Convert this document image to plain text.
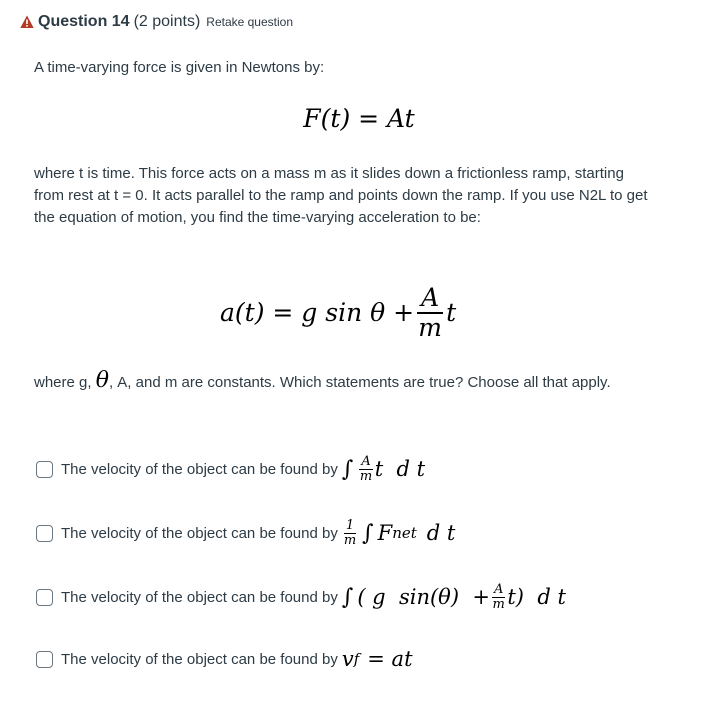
Question 14 (2 points) Retake question
A time-varying force is given in Newtons by:
F(t) = At
where t is time. This force acts on a mass m as it slides down a frictionless ramp, starting from rest at t = 0. It acts parallel to the ramp and points down the ramp. If you use N2L to get the equation of motion, you find the time-varying acceleration to be:
a(t) = g $\sin \theta + \frac{A}{m}$ t
where g, θ, A, and m are constants. Which statements are true? Choose all that apply.
The velocity of the object can be found by ∫ $\frac{A}{m}$ t  d t
The velocity of the object can be found by $\frac{1}{m}$ ∫ F net d t
The velocity of the object can be found by ∫ ( g  $\sin(\theta) + \frac{A}{m} t$)  d t
The velocity of the object can be found by v f = at
